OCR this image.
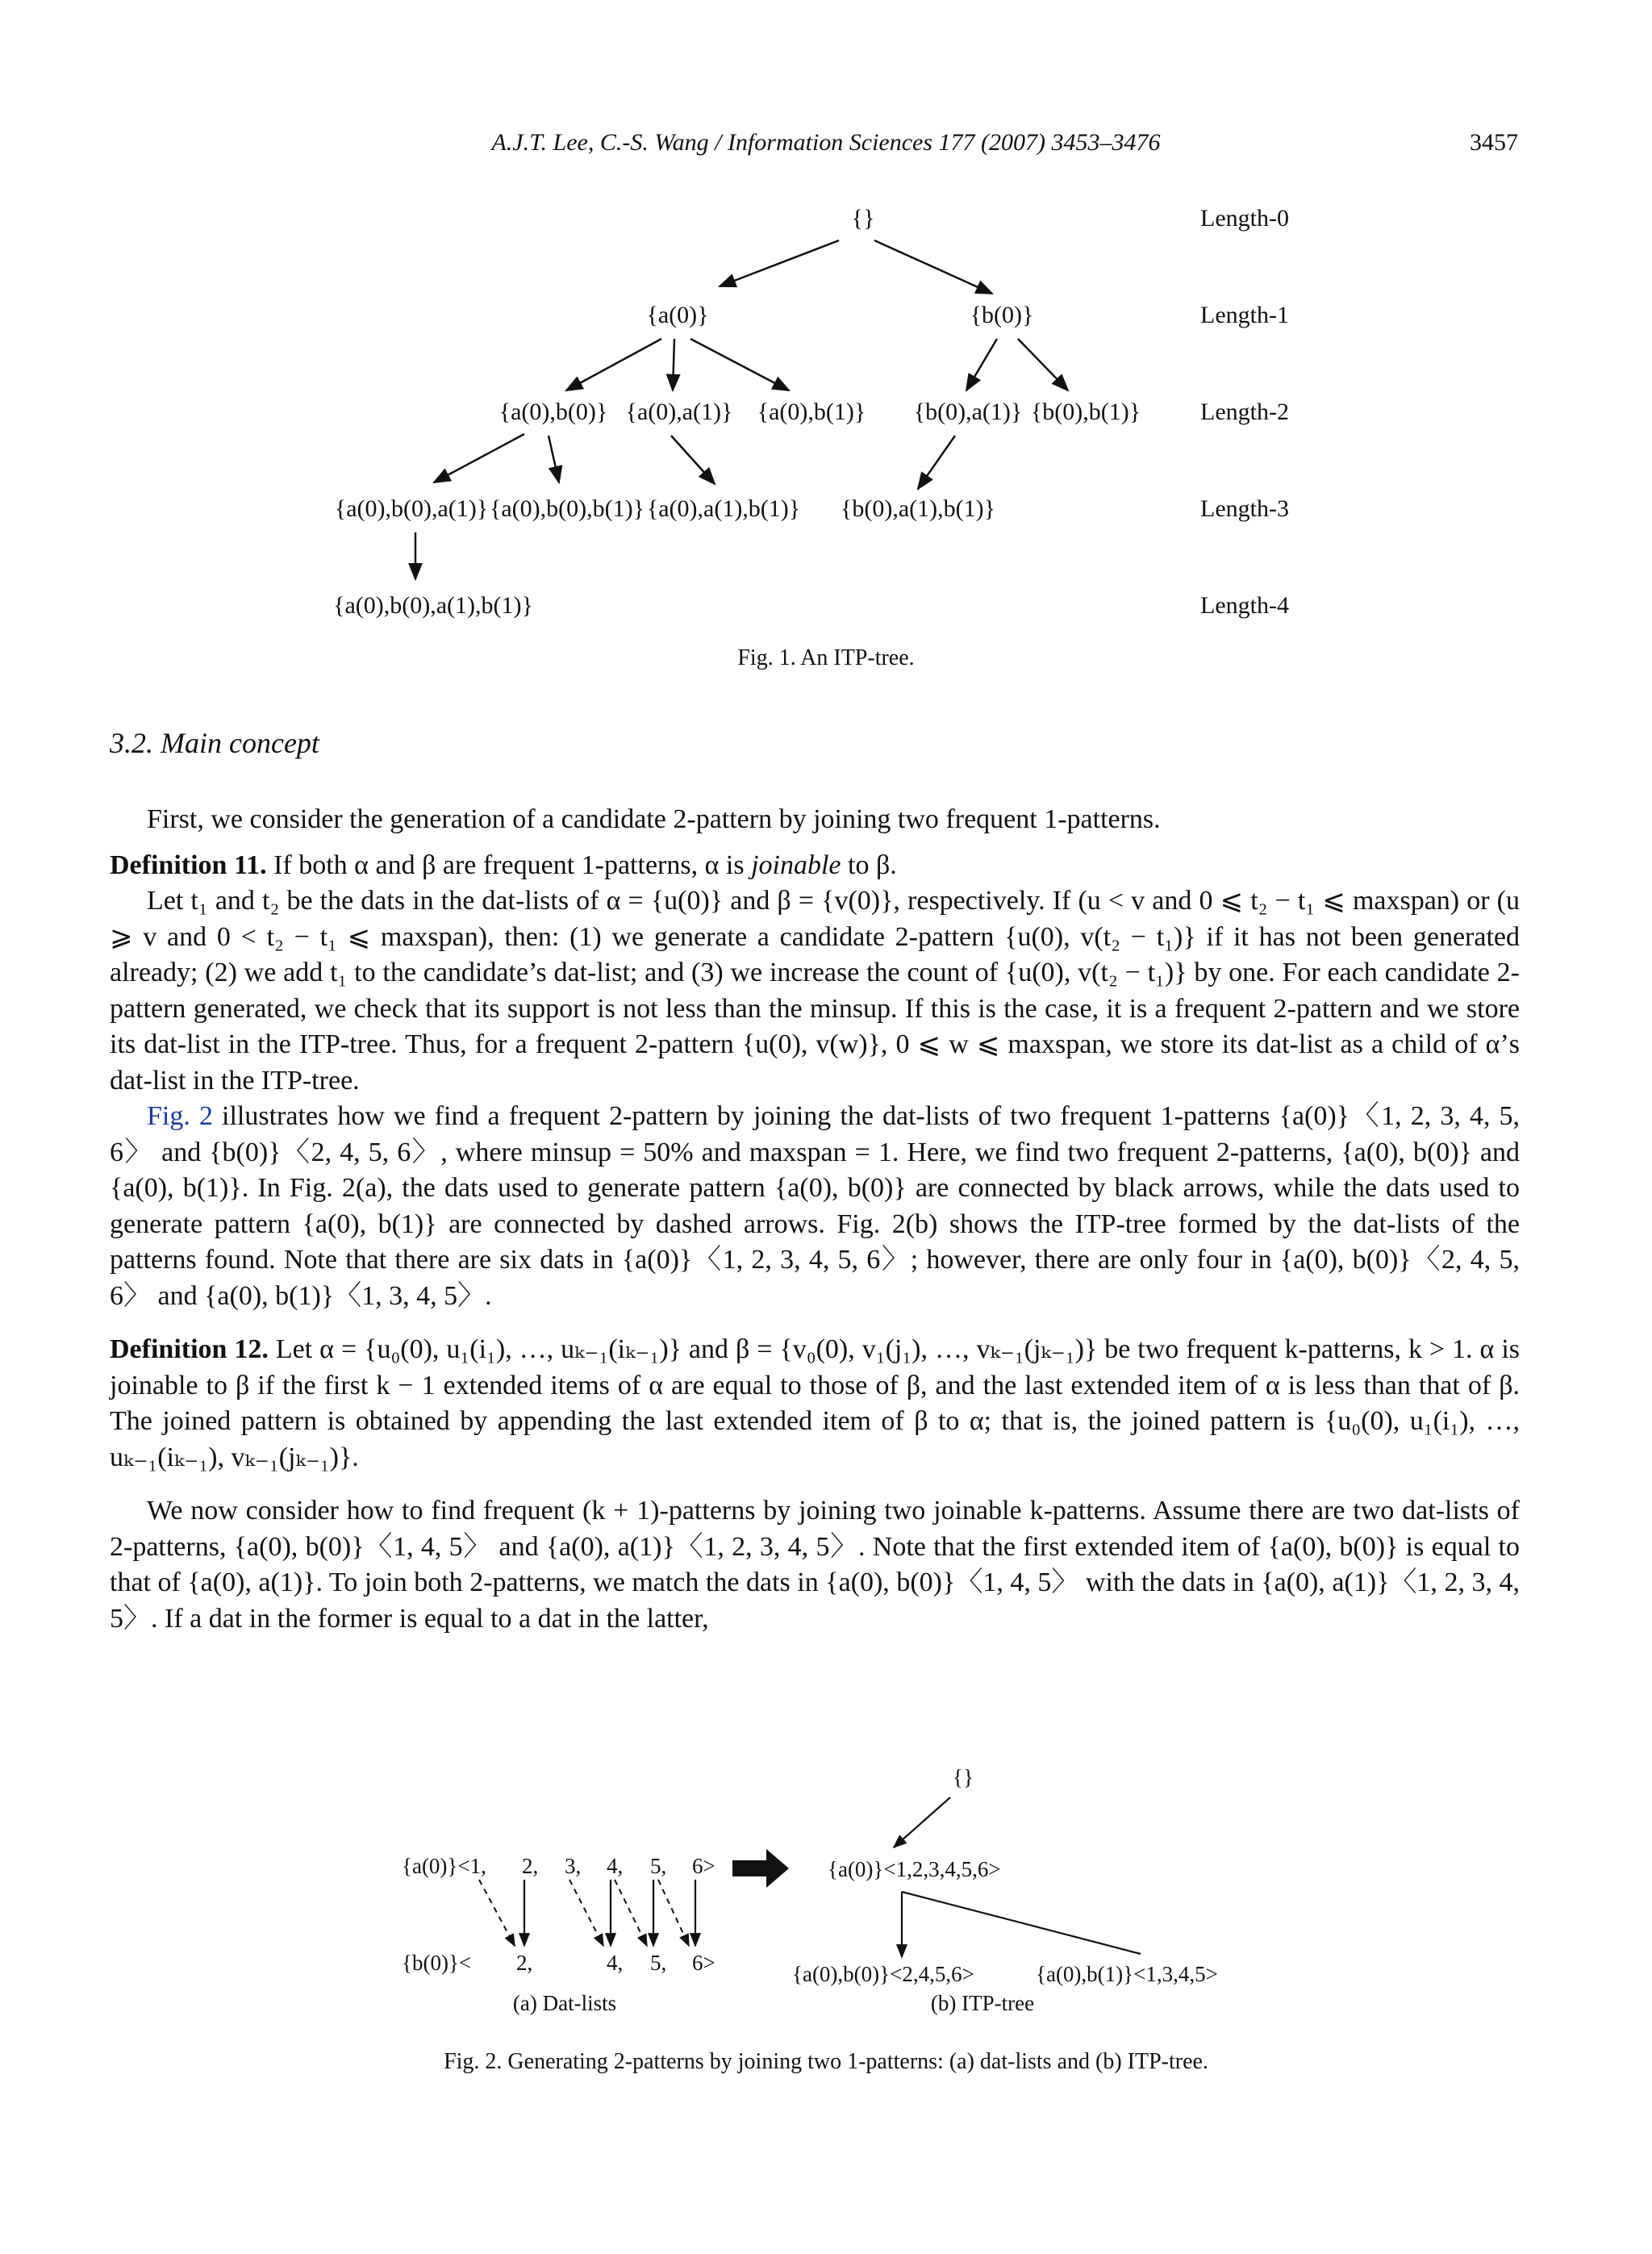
A.J.T. Lee, C.-S. Wang / Information Sciences 177 (2007) 3453–3476	3457
Length-0
Length-1
Length-2
Length-3
Length-4
{}
{a(0)}	{b(0)}
{a(0),b(0)} {a(0),a(1)} {a(0),b(1)} {b(0),a(1)} {b(0),b(1)}
{a(0),b(0),a(1)} {a(0),b(0),b(1)} {a(0),a(1),b(1)} {b(0),a(1),b(1)}
{a(0),b(0),a(1),b(1)}
Fig. 1. An ITP-tree.
3.2. Main concept

First, we consider the generation of a candidate 2-pattern by joining two frequent 1-patterns.

Definition 11. If both α and β are frequent 1-patterns, α is joinable to β.

Let t₁ and t₂ be the dats in the dat-lists of α = {u(0)} and β = {v(0)}, respectively. If (u < v and 0 ⩽ t₂ − t₁ ⩽ maxspan) or (u ⩾ v and 0 < t₂ − t₁ ⩽ maxspan), then: (1) we generate a candidate 2-pattern {u(0), v(t₂ − t₁)} if it has not been generated already; (2) we add t₁ to the candidate’s dat-list; and (3) we increase the count of {u(0), v(t₂ − t₁)} by one. For each candidate 2-pattern generated, we check that its support is not less than the minsup. If this is the case, it is a frequent 2-pattern and we store its dat-list in the ITP-tree. Thus, for a frequent 2-pattern {u(0), v(w)}, 0 ⩽ w ⩽ maxspan, we store its dat-list as a child of α’s dat-list in the ITP-tree.

Fig. 2 illustrates how we find a frequent 2-pattern by joining the dat-lists of two frequent 1-patterns {a(0)}〈1, 2, 3, 4, 5, 6〉 and {b(0)}〈2, 4, 5, 6〉, where minsup = 50% and maxspan = 1. Here, we find two frequent 2-patterns, {a(0), b(0)} and {a(0), b(1)}. In Fig. 2(a), the dats used to generate pattern {a(0), b(0)} are connected by black arrows, while the dats used to generate pattern {a(0), b(1)} are connected by dashed arrows. Fig. 2(b) shows the ITP-tree formed by the dat-lists of the patterns found. Note that there are six dats in {a(0)}〈1, 2, 3, 4, 5, 6〉; however, there are only four in {a(0), b(0)}〈2, 4, 5, 6〉 and {a(0), b(1)}〈1, 3, 4, 5〉.

Definition 12. Let α = {u₀(0), u₁(i₁), …, uₖ₋₁(iₖ₋₁)} and β = {v₀(0), v₁(j₁), …, vₖ₋₁(jₖ₋₁)} be two frequent k-patterns, k > 1. α is joinable to β if the first k − 1 extended items of α are equal to those of β, and the last extended item of α is less than that of β. The joined pattern is obtained by appending the last extended item of β to α; that is, the joined pattern is {u₀(0), u₁(i₁), …, uₖ₋₁(iₖ₋₁), vₖ₋₁(jₖ₋₁)}.

We now consider how to find frequent (k + 1)-patterns by joining two joinable k-patterns. Assume there are two dat-lists of 2-patterns, {a(0), b(0)}〈1, 4, 5〉 and {a(0), a(1)}〈1, 2, 3, 4, 5〉. Note that the first extended item of {a(0), b(0)} is equal to that of {a(0), a(1)}. To join both 2-patterns, we match the dats in {a(0), b(0)}〈1, 4, 5〉 with the dats in {a(0), a(1)}〈1, 2, 3, 4, 5〉. If a dat in the former is equal to a dat in the latter,

{a(0)}<1, 2, 3, 4, 5, 6>
{b(0)}< 2,	4, 5, 6>
(a) Dat-lists
{}
{a(0)}<1,2,3,4,5,6>
{a(0),b(0)}<2,4,5,6>	{a(0),b(1)}<1,3,4,5>
(b) ITP-tree
Fig. 2. Generating 2-patterns by joining two 1-patterns: (a) dat-lists and (b) ITP-tree.
